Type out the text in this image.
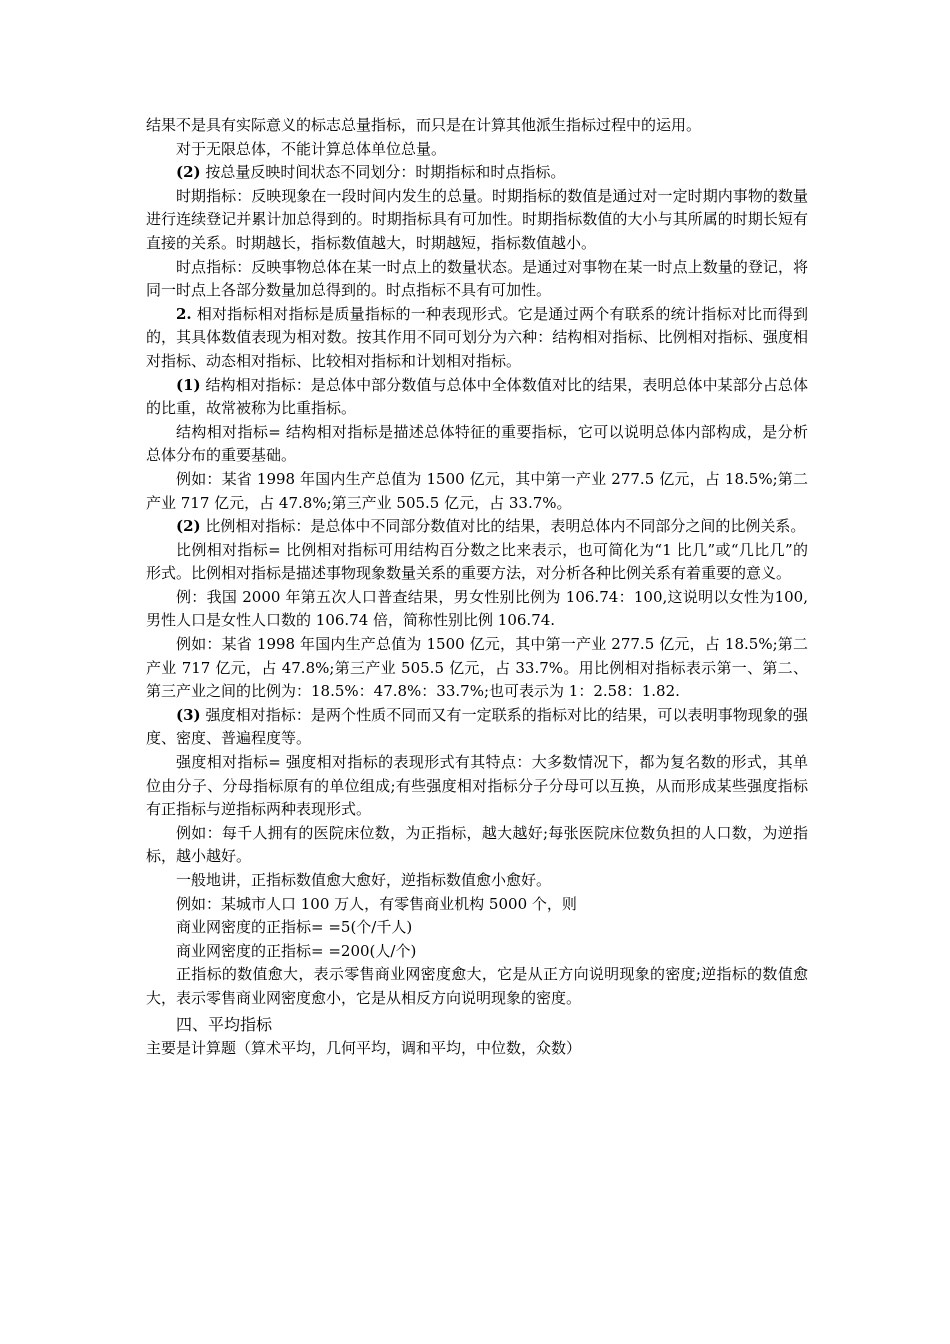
结果不是具有实际意义的标志总量指标，而只是在计算其他派生指标过程中的运用。

对于无限总体，不能计算总体单位总量。

(2) 按总量反映时间状态不同划分：时期指标和时点指标。

时期指标：反映现象在一段时间内发生的总量。时期指标的数值是通过对一定时期内事物的数量进行连续登记并累计加总得到的。时期指标具有可加性。时期指标数值的大小与其所属的时期长短有直接的关系。时期越长，指标数值越大，时期越短，指标数值越小。

时点指标：反映事物总体在某一时点上的数量状态。是通过对事物在某一时点上数量的登记，将同一时点上各部分数量加总得到的。时点指标不具有可加性。

2. 相对指标相对指标是质量指标的一种表现形式。它是通过两个有联系的统计指标对比而得到的，其具体数值表现为相对数。按其作用不同可划分为六种：结构相对指标、比例相对指标、强度相对指标、动态相对指标、比较相对指标和计划相对指标。

(1) 结构相对指标：是总体中部分数值与总体中全体数值对比的结果，表明总体中某部分占总体的比重，故常被称为比重指标。

结构相对指标= 结构相对指标是描述总体特征的重要指标，它可以说明总体内部构成，是分析总体分布的重要基础。

例如：某省 1998 年国内生产总值为 1500 亿元，其中第一产业 277.5 亿元，占 18.5%;第二产业 717 亿元，占 47.8%;第三产业 505.5 亿元，占 33.7%。

(2) 比例相对指标：是总体中不同部分数值对比的结果，表明总体内不同部分之间的比例关系。

比例相对指标= 比例相对指标可用结构百分数之比来表示，也可简化为“1 比几”或“几比几”的形式。比例相对指标是描述事物现象数量关系的重要方法，对分析各种比例关系有着重要的意义。

例：我国 2000 年第五次人口普查结果，男女性别比例为 106.74：100,这说明以女性为100,男性人口是女性人口数的 106.74 倍，简称性别比例 106.74.

例如：某省 1998 年国内生产总值为 1500 亿元，其中第一产业 277.5 亿元，占 18.5%;第二产业 717 亿元，占 47.8%;第三产业 505.5 亿元，占 33.7%。用比例相对指标表示第一、第二、第三产业之间的比例为：18.5%：47.8%：33.7%;也可表示为 1：2.58：1.82.

(3) 强度相对指标：是两个性质不同而又有一定联系的指标对比的结果，可以表明事物现象的强度、密度、普遍程度等。

强度相对指标= 强度相对指标的表现形式有其特点：大多数情况下，都为复名数的形式，其单位由分子、分母指标原有的单位组成;有些强度相对指标分子分母可以互换，从而形成某些强度指标有正指标与逆指标两种表现形式。

例如：每千人拥有的医院床位数，为正指标，越大越好;每张医院床位数负担的人口数，为逆指标，越小越好。

一般地讲，正指标数值愈大愈好，逆指标数值愈小愈好。

例如：某城市人口 100 万人，有零售商业机构 5000 个，则

商业网密度的正指标= =5(个/千人)

商业网密度的正指标= =200(人/个)

正指标的数值愈大，表示零售商业网密度愈大，它是从正方向说明现象的密度;逆指标的数值愈大，表示零售商业网密度愈小，它是从相反方向说明现象的密度。

四、平均指标

主要是计算题（算术平均，几何平均，调和平均，中位数，众数）
